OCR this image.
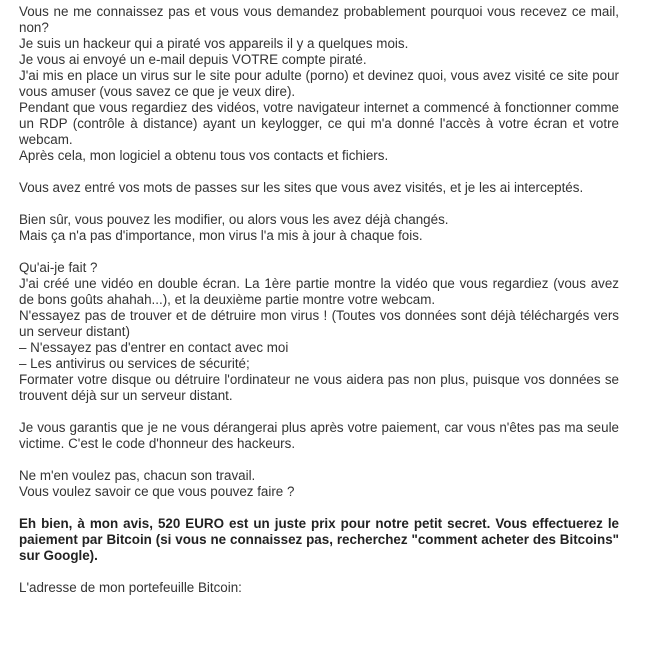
Vous ne me connaissez pas et vous vous demandez probablement pourquoi vous recevez ce mail, non?
Je suis un hackeur qui a piraté vos appareils il y a quelques mois.
Je vous ai envoyé un e-mail depuis VOTRE compte piraté.
J'ai mis en place un virus sur le site pour adulte (porno) et devinez quoi, vous avez visité ce site pour vous amuser (vous savez ce que je veux dire).
Pendant que vous regardiez des vidéos, votre navigateur internet a commencé à fonctionner comme un RDP (contrôle à distance) ayant un keylogger, ce qui m'a donné l'accès à votre écran et votre webcam.
Après cela, mon logiciel a obtenu tous vos contacts et fichiers.
Vous avez entré vos mots de passes sur les sites que vous avez visités, et je les ai interceptés.
Bien sûr, vous pouvez les modifier, ou alors vous les avez déjà changés.
Mais ça n'a pas d'importance, mon virus l'a mis à jour à chaque fois.
Qu'ai-je fait ?
J'ai créé une vidéo en double écran. La 1ère partie montre la vidéo que vous regardiez (vous avez de bons goûts ahahah...), et la deuxième partie montre votre webcam.
N'essayez pas de trouver et de détruire mon virus ! (Toutes vos données sont déjà téléchargés vers un serveur distant)
– N'essayez pas d'entrer en contact avec moi
– Les antivirus ou services de sécurité;
Formater votre disque ou détruire l'ordinateur ne vous aidera pas non plus, puisque vos données se trouvent déjà sur un serveur distant.
Je vous garantis que je ne vous dérangerai plus après votre paiement, car vous n'êtes pas ma seule victime. C'est le code d'honneur des hackeurs.
Ne m'en voulez pas, chacun son travail.
Vous voulez savoir ce que vous pouvez faire ?
Eh bien, à mon avis, 520 EURO est un juste prix pour notre petit secret. Vous effectuerez le paiement par Bitcoin (si vous ne connaissez pas, recherchez "comment acheter des Bitcoins" sur Google).
L'adresse de mon portefeuille Bitcoin:
